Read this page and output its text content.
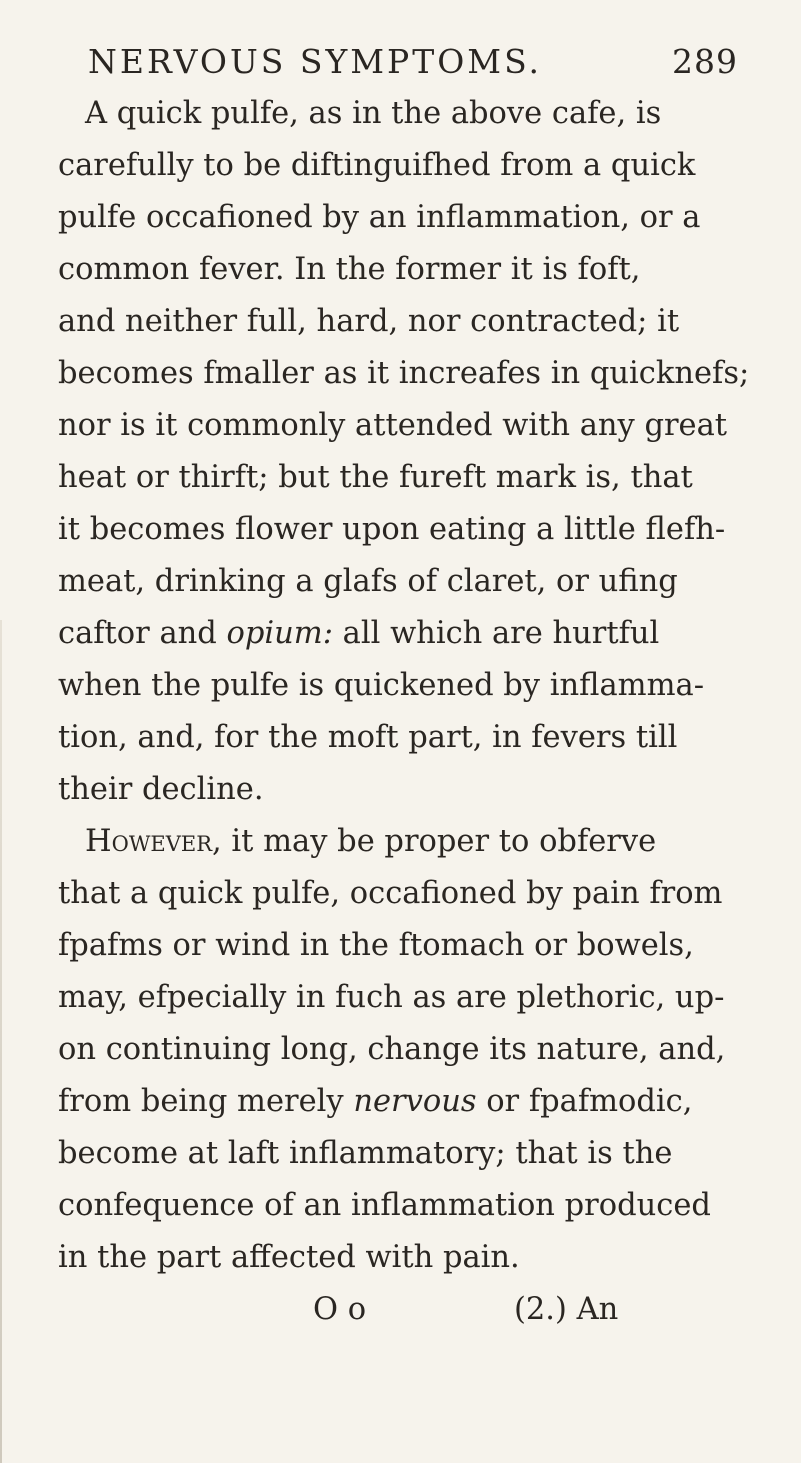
NERVOUS SYMPTOMS.	289
A quick pulfe, as in the above cafe, is
carefully to be diftinguifhed from a quick
pulfe occafioned by an inflammation, or a
common fever. In the former it is foft,
and neither full, hard, nor contracted; it
becomes fmaller as it increafes in quicknefs;
nor is it commonly attended with any great
heat or thirft; but the fureft mark is, that
it becomes flower upon eating a little flefh-
meat, drinking a glafs of claret, or ufing
caftor and opium: all which are hurtful
when the pulfe is quickened by inflamma-
tion, and, for the moft part, in fevers till
their decline.
However, it may be proper to obferve
that a quick pulfe, occafioned by pain from
fpafms or wind in the ftomach or bowels,
may, efpecially in fuch as are plethoric, up-
on continuing long, change its nature, and,
from being merely nervous or fpafmodic,
become at laft inflammatory; that is the
confequence of an inflammation produced
in the part affected with pain.
O o	(2.) An
